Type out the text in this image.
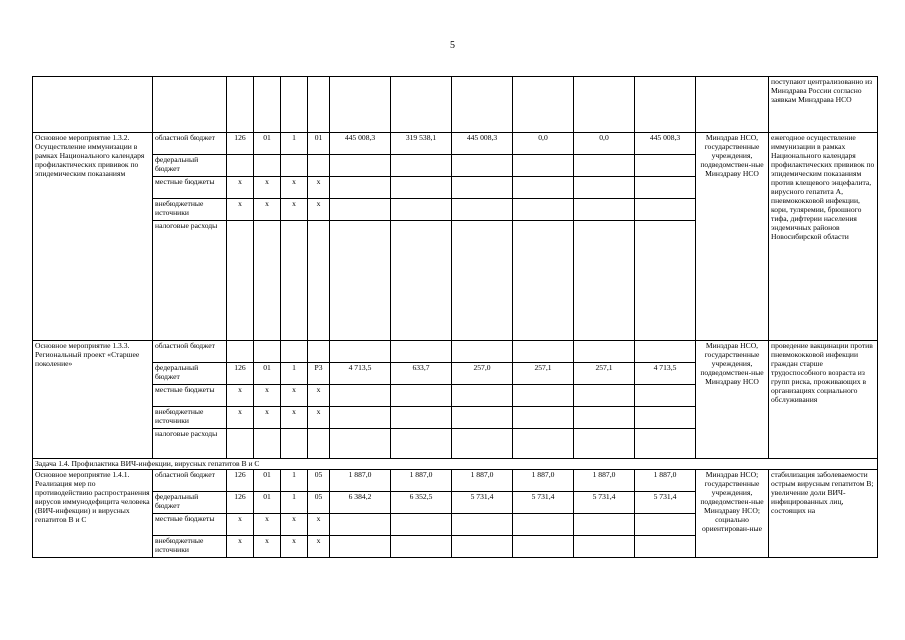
5
													поступают централизованно из Минздрава России согласно заявкам Минздрава НСО
Основное мероприятие 1.3.2. Осуществление иммунизации в рамках Национального календаря профилактических прививок по эпидемическим показаниям	областной бюджет	126	01	1	01	445 008,3	319 538,1	445 008,3	0,0	0,0	445 008,3	Минздрав НСО, государственные учреждения, подведомствен-ные Минздраву НСО	ежегодное осуществление иммунизации в рамках Национального календаря профилактических прививок по эпидемическим показаниям против клещевого энцефалита, вирусного гепатита А, пневмококковой инфекции, кори, туляремии, брюшного тифа, дифтерии населения эндемичных районов Новосибирской области
	федеральный бюджет												
	местные бюджеты	x	x	x	x								
	внебюджетные источники	x	x	x	x								
	налоговые расходы												
Основное мероприятие 1.3.3. Региональный проект «Старшее поколение»	областной бюджет											Минздрав НСО, государственные учреждения, подведомствен-ные Минздраву НСО	проведение вакцинации против пневмококковой инфекции граждан старше трудоспособного возраста из групп риска, проживающих в организациях социального обслуживания
	федеральный бюджет	126	01	1	P3	4 713,5	633,7	257,0	257,1	257,1	4 713,5		
	местные бюджеты	x	x	x	x								
	внебюджетные источники	x	x	x	x								
	налоговые расходы												
Задача 1.4. Профилактика ВИЧ-инфекции, вирусных гепатитов В и С													
Основное мероприятие 1.4.1. Реализация мер по противодействию распространения вирусов иммунодефицита человека (ВИЧ-инфекции) и вирусных гепатитов В и С	областной бюджет	126	01	1	05	1 887,0	1 887,0	1 887,0	1 887,0	1 887,0	1 887,0	Минздрав НСО; государственные учреждения, подведомствен-ные Минздраву НСО; социально ориентирован-ные	стабилизация заболеваемости острым вирусным гепатитом В; увеличение доли ВИЧ-инфицированных лиц, состоящих на
	федеральный бюджет	126	01	1	05	6 384,2	6 352,5	5 731,4	5 731,4	5 731,4	5 731,4		
	местные бюджеты	x	x	x	x								
	внебюджетные источники	x	x	x	x								
